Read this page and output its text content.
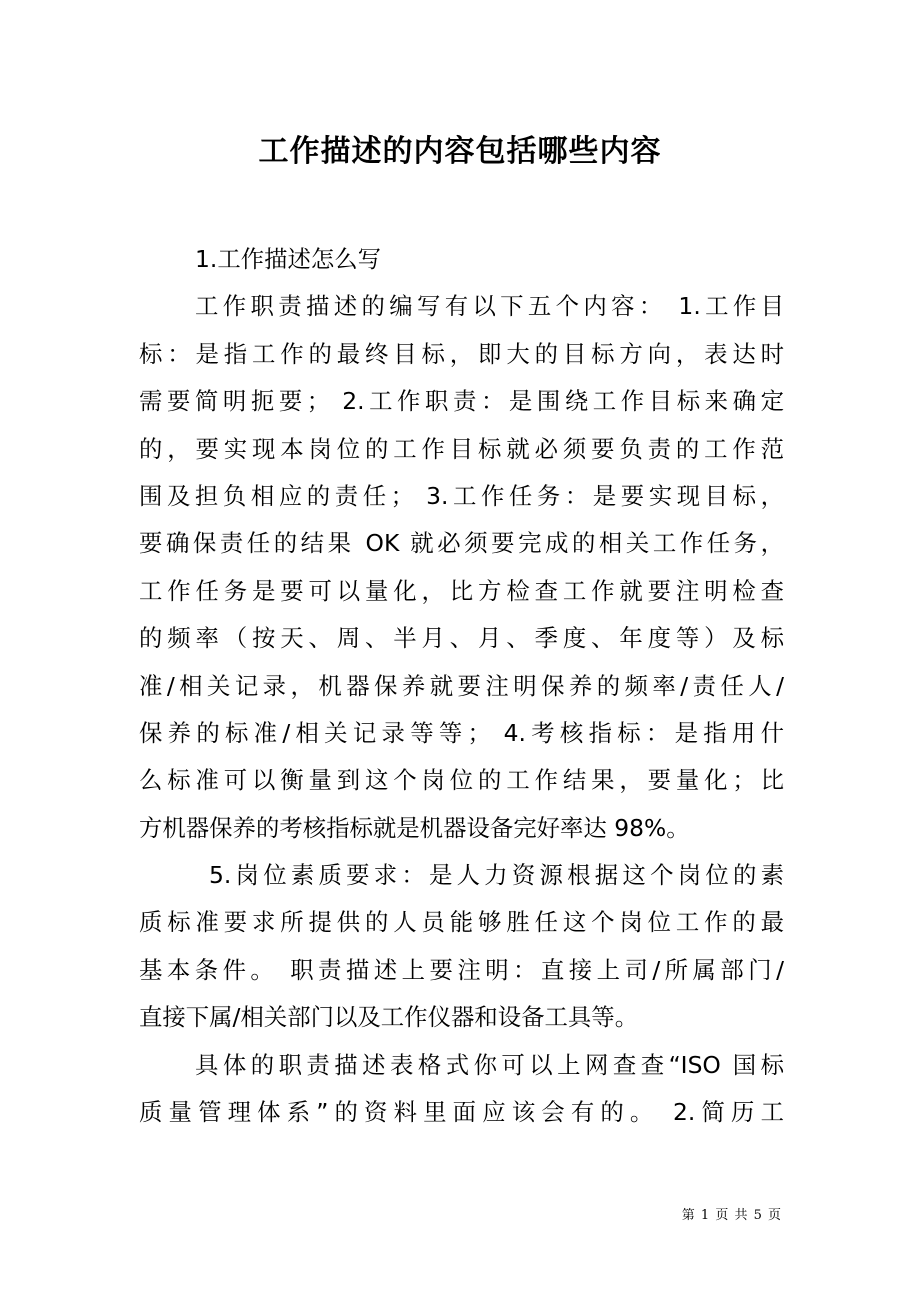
工作描述的内容包括哪些内容
1.工作描述怎么写
工作职责描述的编写有以下五个内容： 1.工作目
标：是指工作的最终目标，即大的目标方向，表达时
需要简明扼要； 2.工作职责：是围绕工作目标来确定
的，要实现本岗位的工作目标就必须要负责的工作范
围及担负相应的责任； 3.工作任务：是要实现目标，
要确保责任的结果 OK 就必须要完成的相关工作任务，
工作任务是要可以量化，比方检查工作就要注明检查
的频率（按天、周、半月、月、季度、年度等）及标
准/相关记录，机器保养就要注明保养的频率/责任人/
保养的标准/相关记录等等； 4.考核指标：是指用什
么标准可以衡量到这个岗位的工作结果，要量化；比
方机器保养的考核指标就是机器设备完好率达 98%。
5.岗位素质要求：是人力资源根据这个岗位的素
质标准要求所提供的人员能够胜任这个岗位工作的最
基本条件。 职责描述上要注明：直接上司/所属部门/
直接下属/相关部门以及工作仪器和设备工具等。
具体的职责描述表格式你可以上网查查“ISO 国标
质量管理体系”的资料里面应该会有的。 2.简历工
第 1 页 共 5 页
